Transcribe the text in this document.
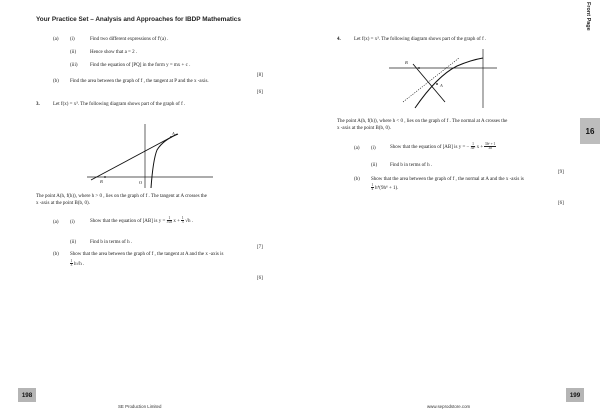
Your Practice Set – Analysis and Approaches for IBDP Mathematics	Front Page
16
(a) (i)	Find two different expressions of f′(a) .
(ii)	Hence show that a = 2 .
(iii)	Find the equation of [PQ] in the form y = mx + c .
[8]
(b) Find the area between the graph of f , the tangent at P and the x -axis.
[6]
3.	Let f(x) = x³. The following diagram shows part of the graph of f .
A
B	O
The point A(h, f(h)), where h > 0 , lies on the graph of f . The tangent at A crosses the
x -axis at the point B(b, 0).
(a) (i)	Show that the equation of [AB] is $y = \frac{1}{3√h}$ $x + \frac{1}{3} √h$ .
(ii)	Find b in terms of h .
[7]
(b) Show that the area between the graph of f , the tangent at A and the x -axis is
$\frac{1}{3} h√h$ .
[6]
4.	Let f(x) = x³. The following diagram shows part of the graph of f .
B
A
The point A(h, f(h)), where h < 0 , lies on the graph of f . The normal at A crosses the
x -axis at the point B(b, 0).
(a) (i)	Show that the equation of [AB] is y = − $\frac{1}{\text{3h²}}$ $x + \frac{\text{3h⁶ + 1}}{3h}$
(ii)	Find b in terms of h .
[9]
(b) Show that the area between the graph of f , the normal at A and the x -axis is
$\frac{1}{4} h^4(9h^6 + 1)$.
[6]
198	199
SE Production Limited	www.seprodstore.com
